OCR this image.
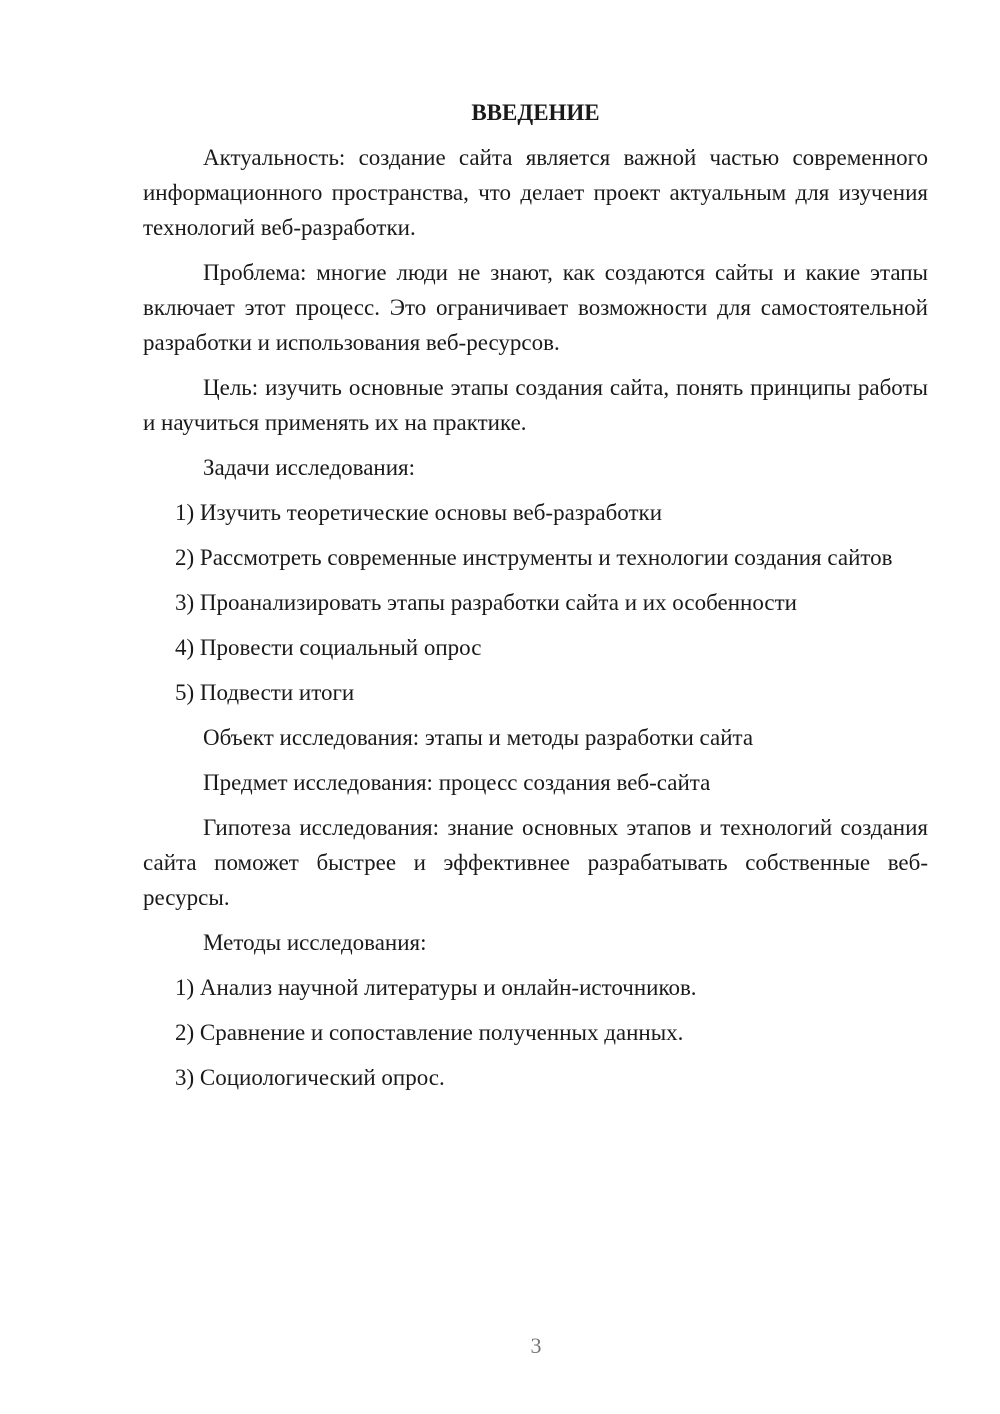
ВВЕДЕНИЕ

Актуальность: создание сайта является важной частью современного информационного пространства, что делает проект актуальным для изучения технологий веб-разработки.

Проблема: многие люди не знают, как создаются сайты и какие этапы включает этот процесс. Это ограничивает возможности для самостоятельной разработки и использования веб-ресурсов.

Цель: изучить основные этапы создания сайта, понять принципы работы и научиться применять их на практике.

Задачи исследования:

1) Изучить теоретические основы веб-разработки

2) Рассмотреть современные инструменты и технологии создания сайтов

3) Проанализировать этапы разработки сайта и их особенности

4) Провести социальный опрос

5) Подвести итоги

Объект исследования: этапы и методы разработки сайта

Предмет исследования: процесс создания веб-сайта

Гипотеза исследования: знание основных этапов и технологий создания сайта поможет быстрее и эффективнее разрабатывать собственные веб-ресурсы.

Методы исследования:

1) Анализ научной литературы и онлайн-источников.

2) Сравнение и сопоставление полученных данных.

3) Социологический опрос.

3
